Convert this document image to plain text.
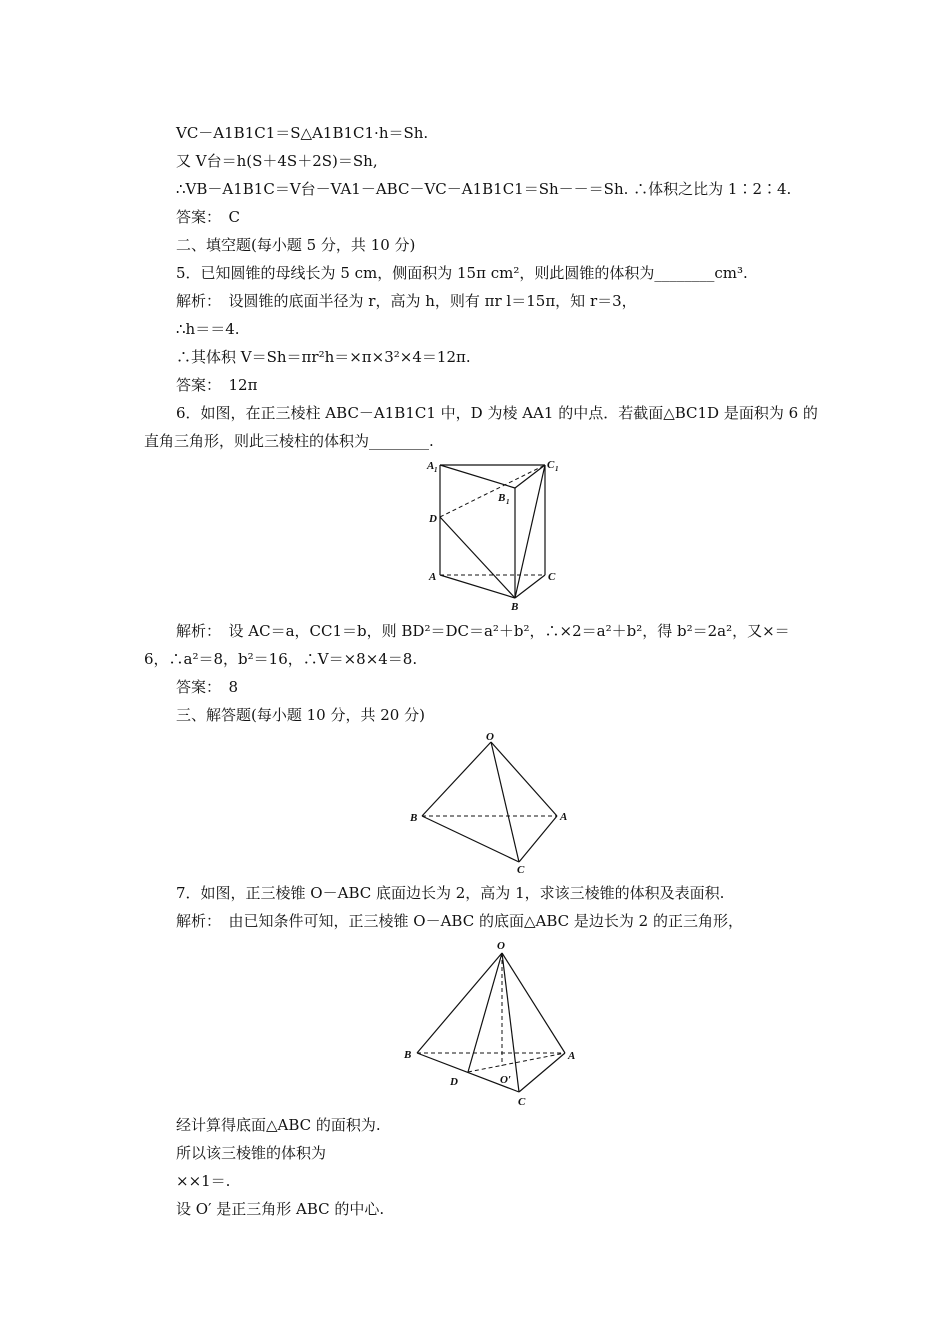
VC－A1B1C1＝S△A1B1C1·h＝Sh.
又 V台＝h(S＋4S＋2S)＝Sh,
∴VB－A1B1C＝V台－VA1－ABC－VC－A1B1C1＝Sh－－＝Sh. ∴体积之比为 1∶2∶4.
答案：　C
二、填空题(每小题 5 分，共 10 分)
5．已知圆锥的母线长为 5 cm，侧面积为 15π cm²，则此圆锥的体积为________cm³.
解析：　设圆锥的底面半径为 r，高为 h，则有 πr l＝15π，知 r＝3，
∴h＝＝4.
∴其体积 V＝Sh＝πr²h＝×π×3²×4＝12π.
答案：　12π
6．如图，在正三棱柱 ABC－A1B1C1 中，D 为棱 AA1 的中点．若截面△BC1D 是面积为 6 的
直角三角形，则此三棱柱的体积为________.
A 1	C 1
B 1
D
A	C
B
解析：　设 AC＝a，CC1＝b，则 BD²＝DC＝a²＋b²，∴×2＝a²＋b²，得 b²＝2a²，又×＝
6，∴a²＝8，b²＝16，∴V＝×8×4＝8.
答案：　8
三、解答题(每小题 10 分，共 20 分)
O
B	A
C
7．如图，正三棱锥 O－ABC 底面边长为 2，高为 1，求该三棱锥的体积及表面积.
解析：　由已知条件可知，正三棱锥 O－ABC 的底面△ABC 是边长为 2 的正三角形，
O
B	A
D	O′
C
经计算得底面△ABC 的面积为.
所以该三棱锥的体积为
××1＝.
设 O′ 是正三角形 ABC 的中心.
